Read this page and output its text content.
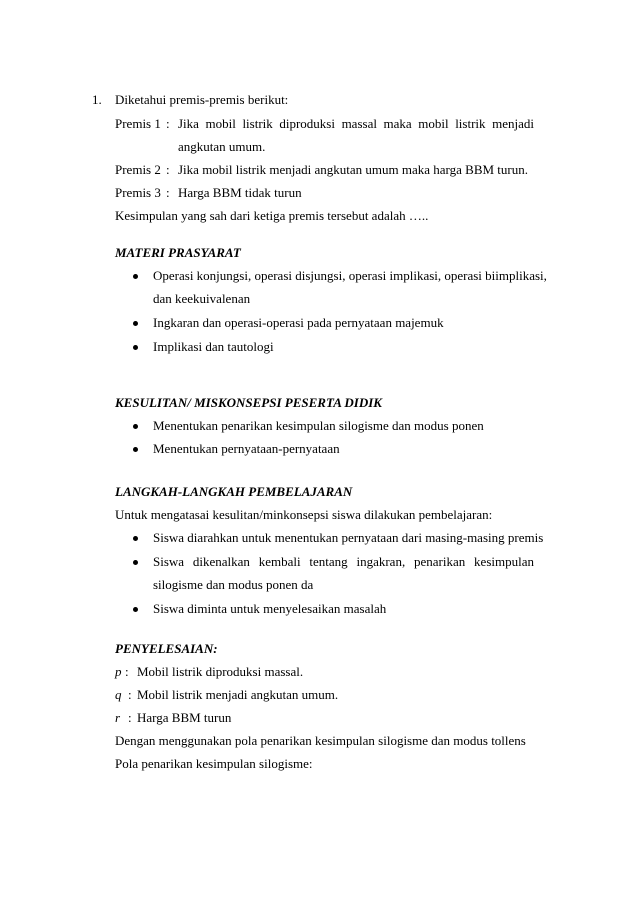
1. Diketahui premis-premis berikut:
Premis 1 : Jika mobil listrik diproduksi massal maka mobil listrik menjadi
angkutan umum.
Premis 2 : Jika mobil listrik menjadi angkutan umum maka harga BBM turun.
Premis 3 : Harga BBM tidak turun
Kesimpulan yang sah dari ketiga premis tersebut adalah …..
MATERI PRASYARAT
Operasi konjungsi, operasi disjungsi, operasi implikasi, operasi biimplikasi,
dan keekuivalenan
Ingkaran dan operasi-operasi pada pernyataan majemuk
Implikasi dan tautologi
KESULITAN/ MISKONSEPSI PESERTA DIDIK
Menentukan penarikan kesimpulan silogisme dan modus ponen
Menentukan pernyataan-pernyataan
LANGKAH-LANGKAH PEMBELAJARAN
Untuk mengatasai kesulitan/minkonsepsi siswa dilakukan pembelajaran:
Siswa diarahkan untuk menentukan pernyataan dari masing-masing premis
Siswa dikenalkan kembali tentang ingakran, penarikan kesimpulan
silogisme dan modus ponen da
Siswa diminta untuk menyelesaikan masalah
PENYELESAIAN:
p : Mobil listrik diproduksi massal.
q : Mobil listrik menjadi angkutan umum.
r : Harga BBM turun
Dengan menggunakan pola penarikan kesimpulan silogisme dan modus tollens
Pola penarikan kesimpulan silogisme:
